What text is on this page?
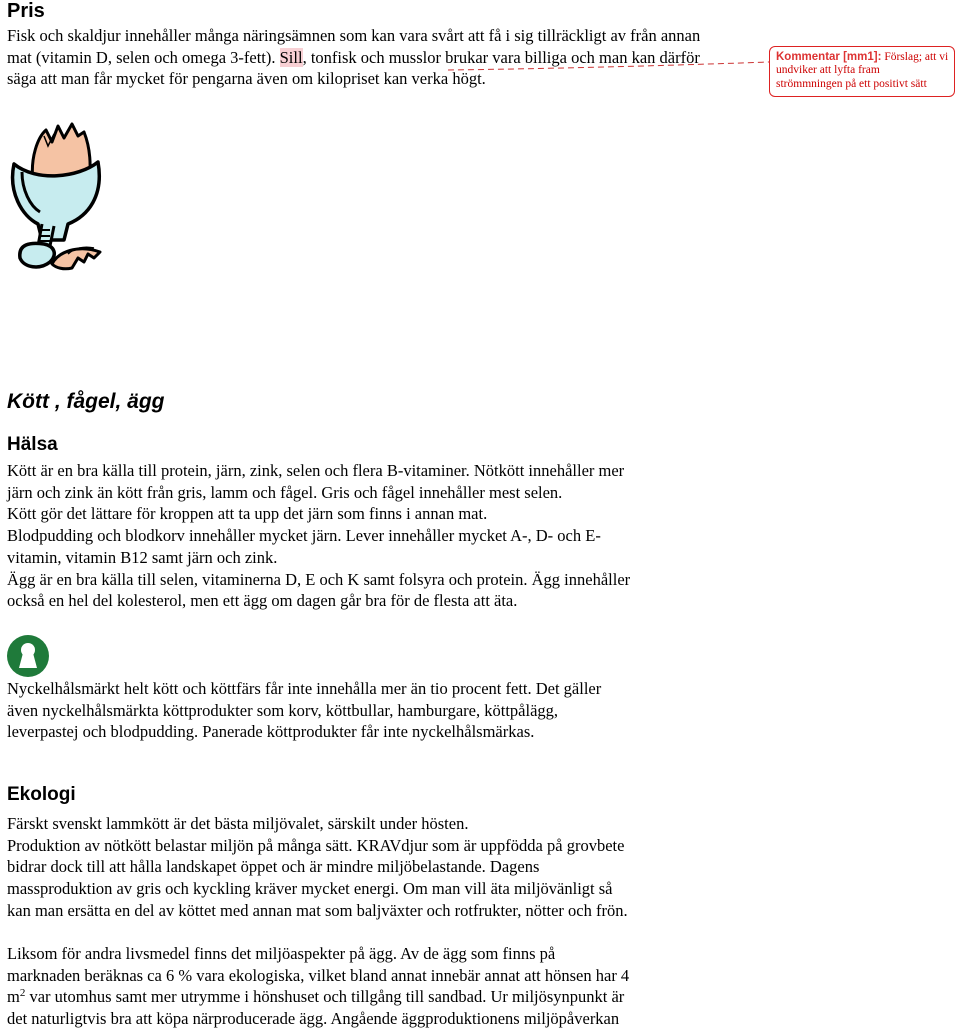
Pris

Fisk och skaldjur innehåller många näringsämnen som kan vara svårt att få i sig tillräckligt av från annan mat (vitamin D, selen och omega 3-fett). Sill, tonfisk och musslor brukar vara billiga och man kan därför säga att man får mycket för pengarna även om kilopriset kan verka högt.

Kommentar [mm1]: Förslag; att vi undviker att lyfta fram strömmningen på ett positivt sätt
Kött , fågel, ägg
Hälsa

Kött är en bra källa till protein, järn, zink, selen och flera B-vitaminer. Nötkött innehåller mer

järn och zink än kött från gris, lamm och fågel. Gris och fågel innehåller mest selen.

Kött gör det lättare för kroppen att ta upp det järn som finns i annan mat.

Blodpudding och blodkorv innehåller mycket järn. Lever innehåller mycket A-, D- och E-

vitamin, vitamin B12 samt järn och zink.

Ägg är en bra källa till selen, vitaminerna D, E och K samt folsyra och protein. Ägg innehåller

också en hel del kolesterol, men ett ägg om dagen går bra för de flesta att äta.

Nyckelhålsmärkt helt kött och köttfärs får inte innehålla mer än tio procent fett. Det gäller

även nyckelhålsmärkta köttprodukter som korv, köttbullar, hamburgare, köttpålägg,

leverpastej och blodpudding. Panerade köttprodukter får inte nyckelhålsmärkas.

Ekologi

Färskt svenskt lammkött är det bästa miljövalet, särskilt under hösten.

Produktion av nötkött belastar miljön på många sätt. KRAVdjur som är uppfödda på grovbete

bidrar dock till att hålla landskapet öppet och är mindre miljöbelastande. Dagens

massproduktion av gris och kyckling kräver mycket energi. Om man vill äta miljövänligt så

kan man ersätta en del av köttet med annan mat som baljväxter och rotfrukter, nötter och frön.

Liksom för andra livsmedel finns det miljöaspekter på ägg. Av de ägg som finns på

marknaden beräknas ca 6 % vara ekologiska, vilket bland annat innebär annat att hönsen har 4

$m^2$ var utomhus samt mer utrymme i hönshuset och tillgång till sandbad. Ur miljösynpunkt är

det naturligtvis bra att köpa närproducerade ägg. Angående äggproduktionens miljöpåverkan
